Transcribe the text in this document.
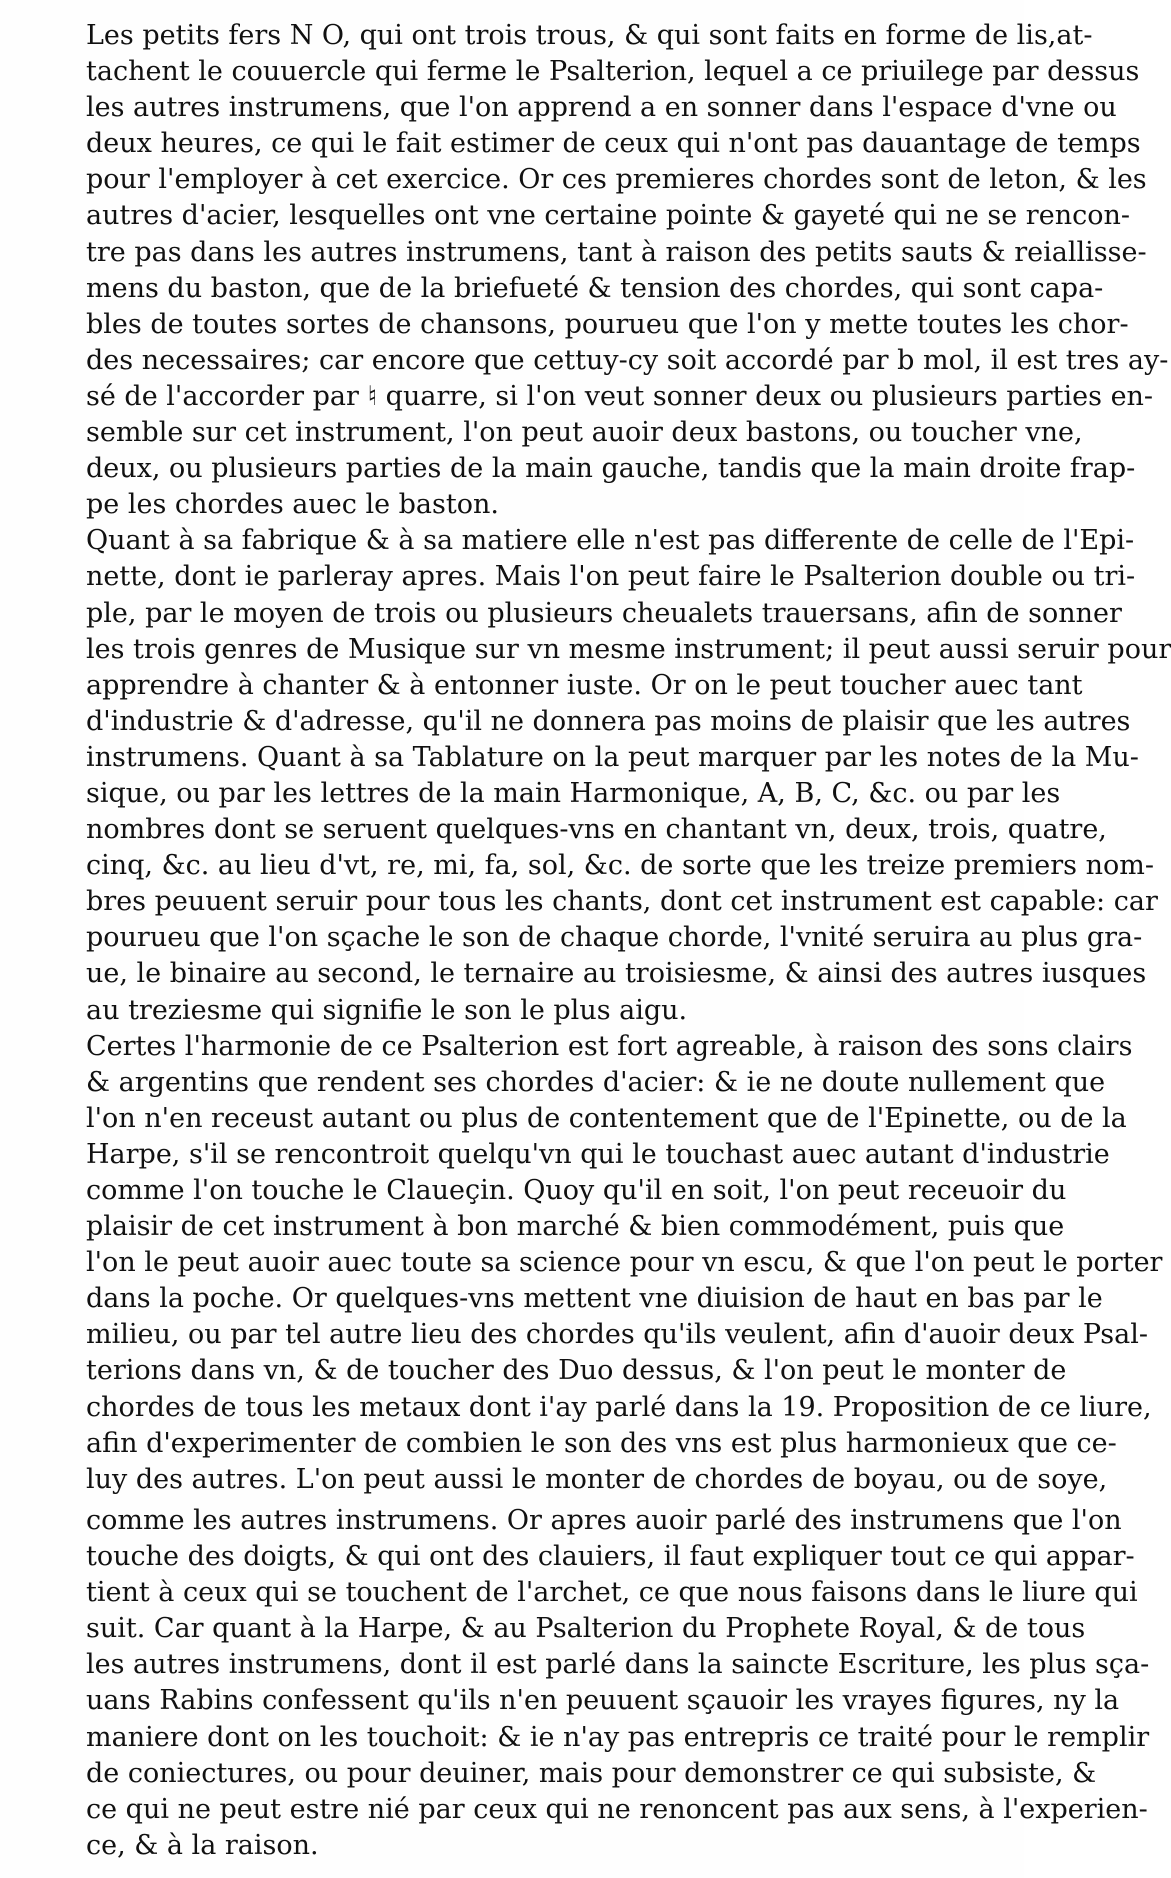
Les petits fers N O, qui ont trois trous, & qui sont faits en forme de lis,at-
tachent le couuercle qui ferme le Psalterion, lequel a ce priuilege par dessus
les autres instrumens, que l'on apprend a en sonner dans l'espace d'vne ou
deux heures, ce qui le fait estimer de ceux qui n'ont pas dauantage de temps
pour l'employer à cet exercice. Or ces premieres chordes sont de leton, & les
autres d'acier, lesquelles ont vne certaine pointe & gayeté qui ne se rencon-
tre pas dans les autres instrumens, tant à raison des petits sauts & reiallisse-
mens du baston, que de la briefueté & tension des chordes, qui sont capa-
bles de toutes sortes de chansons, pourueu que l'on y mette toutes les chor-
des necessaires; car encore que cettuy-cy soit accordé par b mol, il est tres ay-
sé de l'accorder par ♮ quarre, si l'on veut sonner deux ou plusieurs parties en-
semble sur cet instrument, l'on peut auoir deux bastons, ou toucher vne,
deux, ou plusieurs parties de la main gauche, tandis que la main droite frap-
pe les chordes auec le baston.
Quant à sa fabrique & à sa matiere elle n'est pas differente de celle de l'Epi-
nette, dont ie parleray apres. Mais l'on peut faire le Psalterion double ou tri-
ple, par le moyen de trois ou plusieurs cheualets trauersans, afin de sonner
les trois genres de Musique sur vn mesme instrument; il peut aussi seruir pour
apprendre à chanter & à entonner iuste. Or on le peut toucher auec tant
d'industrie & d'adresse, qu'il ne donnera pas moins de plaisir que les autres
instrumens. Quant à sa Tablature on la peut marquer par les notes de la Mu-
sique, ou par les lettres de la main Harmonique, A, B, C, &c. ou par les
nombres dont se seruent quelques-vns en chantant vn, deux, trois, quatre,
cinq, &c. au lieu d'vt, re, mi, fa, sol, &c. de sorte que les treize premiers nom-
bres peuuent seruir pour tous les chants, dont cet instrument est capable: car
pourueu que l'on sçache le son de chaque chorde, l'vnité seruira au plus gra-
ue, le binaire au second, le ternaire au troisiesme, & ainsi des autres iusques
au treziesme qui signifie le son le plus aigu.
Certes l'harmonie de ce Psalterion est fort agreable, à raison des sons clairs
& argentins que rendent ses chordes d'acier: & ie ne doute nullement que
l'on n'en receust autant ou plus de contentement que de l'Epinette, ou de la
Harpe, s'il se rencontroit quelqu'vn qui le touchast auec autant d'industrie
comme l'on touche le Claueçin. Quoy qu'il en soit, l'on peut receuoir du
plaisir de cet instrument à bon marché & bien commodément, puis que
l'on le peut auoir auec toute sa science pour vn escu, & que l'on peut le porter
dans la poche. Or quelques-vns mettent vne diuision de haut en bas par le
milieu, ou par tel autre lieu des chordes qu'ils veulent, afin d'auoir deux Psal-
terions dans vn, & de toucher des Duo dessus, & l'on peut le monter de
chordes de tous les metaux dont i'ay parlé dans la 19. Proposition de ce liure,
afin d'experimenter de combien le son des vns est plus harmonieux que ce-
luy des autres. L'on peut aussi le monter de chordes de boyau, ou de soye,
comme les autres instrumens. Or apres auoir parlé des instrumens que l'on
touche des doigts, & qui ont des clauiers, il faut expliquer tout ce qui appar-
tient à ceux qui se touchent de l'archet, ce que nous faisons dans le liure qui
suit. Car quant à la Harpe, & au Psalterion du Prophete Royal, & de tous
les autres instrumens, dont il est parlé dans la saincte Escriture, les plus sça-
uans Rabins confessent qu'ils n'en peuuent sçauoir les vrayes figures, ny la
maniere dont on les touchoit: & ie n'ay pas entrepris ce traité pour le remplir
de coniectures, ou pour deuiner, mais pour demonstrer ce qui subsiste, &
ce qui ne peut estre nié par ceux qui ne renoncent pas aux sens, à l'experien-
ce, & à la raison.
